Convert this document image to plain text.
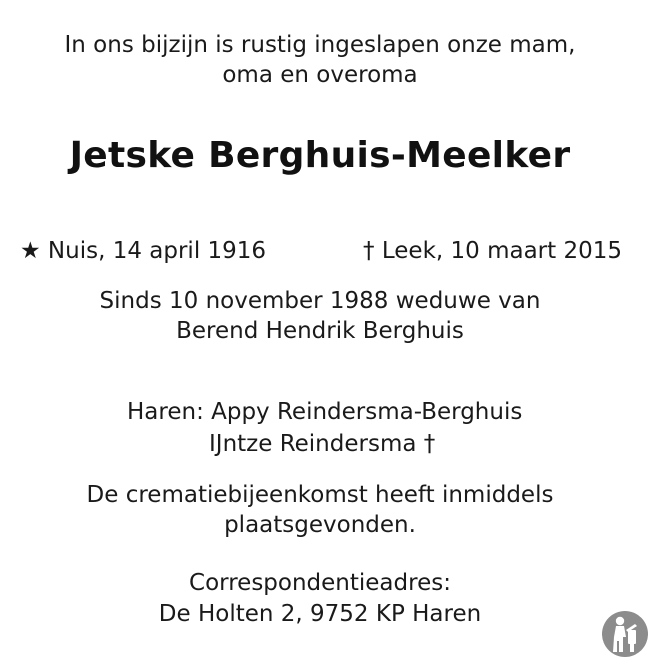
In ons bijzijn is rustig ingeslapen onze mam,
oma en overoma
Jetske Berghuis-Meelker
★ Nuis, 14 april 1916	† Leek, 10 maart 2015
Sinds 10 november 1988 weduwe van
Berend Hendrik Berghuis
Haren: Appy Reindersma-Berghuis
IJntze Reindersma †
De crematiebijeenkomst heeft inmiddels
plaatsgevonden.
Correspondentieadres:
De Holten 2, 9752 KP Haren
